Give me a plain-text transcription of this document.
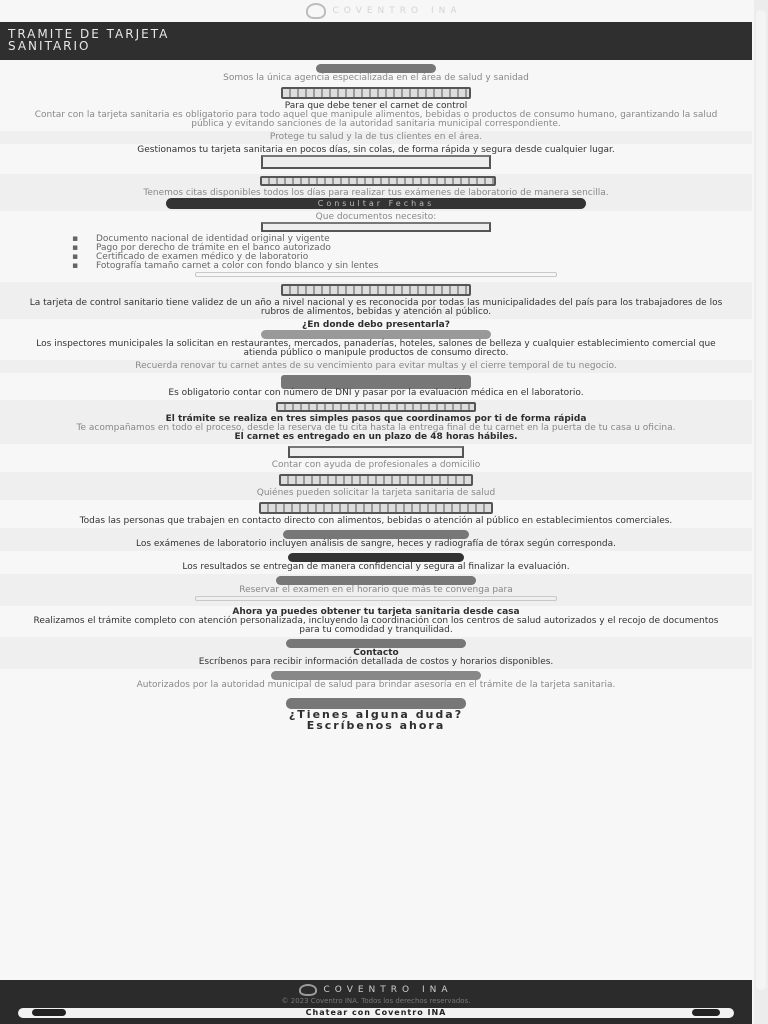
COVENTRO INA
TRAMITE DE TARJETA
SANITARIO

Somos la única agencia especializada en el área de salud y sanidad

Para que debe tener el carnet de control

Contar con la tarjeta sanitaria es obligatorio para todo aquel que manipule alimentos, bebidas o productos de consumo humano, garantizando la salud pública y evitando sanciones de la autoridad sanitaria municipal correspondiente.

Protege tu salud y la de tus clientes en el área.

Gestionamos tu tarjeta sanitaria en pocos días, sin colas, de forma rápida y segura desde cualquier lugar.

Tenemos citas disponibles todos los días para realizar tus exámenes de laboratorio de manera sencilla.

Consultar Fechas

Que documentos necesito:

▪ Documento nacional de identidad original y vigente
▪ Pago por derecho de trámite en el banco autorizado
▪ Certificado de examen médico y de laboratorio
▪ Fotografía tamaño carnet a color con fondo blanco y sin lentes

La tarjeta de control sanitario tiene validez de un año a nivel nacional y es reconocida por todas las municipalidades del país para los trabajadores de los rubros de alimentos, bebidas y atención al público.

¿En donde debo presentarla?

Los inspectores municipales la solicitan en restaurantes, mercados, panaderías, hoteles, salones de belleza y cualquier establecimiento comercial que atienda público o manipule productos de consumo directo.

Recuerda renovar tu carnet antes de su vencimiento para evitar multas y el cierre temporal de tu negocio.

Es obligatorio contar con número de DNI y pasar por la evaluación médica en el laboratorio.

El trámite se realiza en tres simples pasos que coordinamos por ti de forma rápida

Te acompañamos en todo el proceso, desde la reserva de tu cita hasta la entrega final de tu carnet en la puerta de tu casa u oficina.

El carnet es entregado en un plazo de 48 horas hábiles.

Contar con ayuda de profesionales a domicilio

Quiénes pueden solicitar la tarjeta sanitaria de salud

Todas las personas que trabajen en contacto directo con alimentos, bebidas o atención al público en establecimientos comerciales.

Los exámenes de laboratorio incluyen análisis de sangre, heces y radiografía de tórax según corresponda.

Los resultados se entregan de manera confidencial y segura al finalizar la evaluación.

Reservar el examen en el horario que más te convenga para

Ahora ya puedes obtener tu tarjeta sanitaria desde casa

Realizamos el trámite completo con atención personalizada, incluyendo la coordinación con los centros de salud autorizados y el recojo de documentos para tu comodidad y tranquilidad.

Contacto

Escríbenos para recibir información detallada de costos y horarios disponibles.

Autorizados por la autoridad municipal de salud para brindar asesoría en el trámite de la tarjeta sanitaria.

¿Tienes alguna duda?

Escríbenos ahora

COVENTRO INA
© 2023 Coventro INA. Todos los derechos reservados.
Chatear con Coventro INA
